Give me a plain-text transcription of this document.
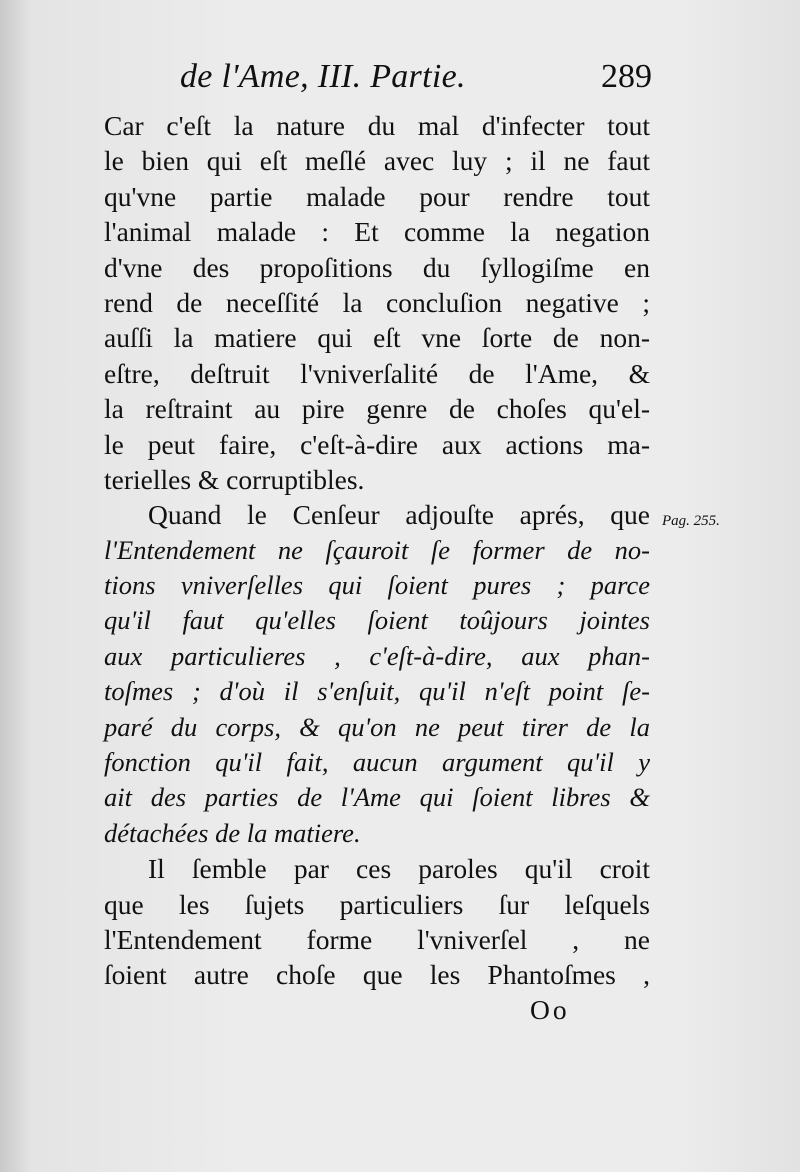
de l'Ame, III. Partie.	289
Car c'eſt la nature du mal d'infecter tout
le bien qui eſt meſlé avec luy ; il ne faut
qu'vne partie malade pour rendre tout
l'animal malade : Et comme la negation
d'vne des propoſitions du ſyllogiſme en
rend de neceſſité la concluſion negative ;
auſſi la matiere qui eſt vne ſorte de non-
eſtre, deſtruit l'vniverſalité de l'Ame, &
la reſtraint au pire genre de choſes qu'el-
le peut faire, c'eſt-à-dire aux actions ma-
terielles & corruptibles.
Quand le Cenſeur adjouſte aprés, que
l'Entendement ne ſçauroit ſe former de no-
tions vniverſelles qui ſoient pures ; parce
qu'il faut qu'elles ſoient toûjours jointes
aux particulieres , c'eſt-à-dire, aux phan-
toſmes ; d'où il s'enſuit, qu'il n'eſt point ſe-
paré du corps, & qu'on ne peut tirer de la
fonction qu'il fait, aucun argument qu'il y
ait des parties de l'Ame qui ſoient libres &
détachées de la matiere.
Il ſemble par ces paroles qu'il croit
que les ſujets particuliers ſur leſquels
l'Entendement forme l'vniverſel , ne
ſoient autre choſe que les Phantoſmes ,
Pag. 255.
Oo
